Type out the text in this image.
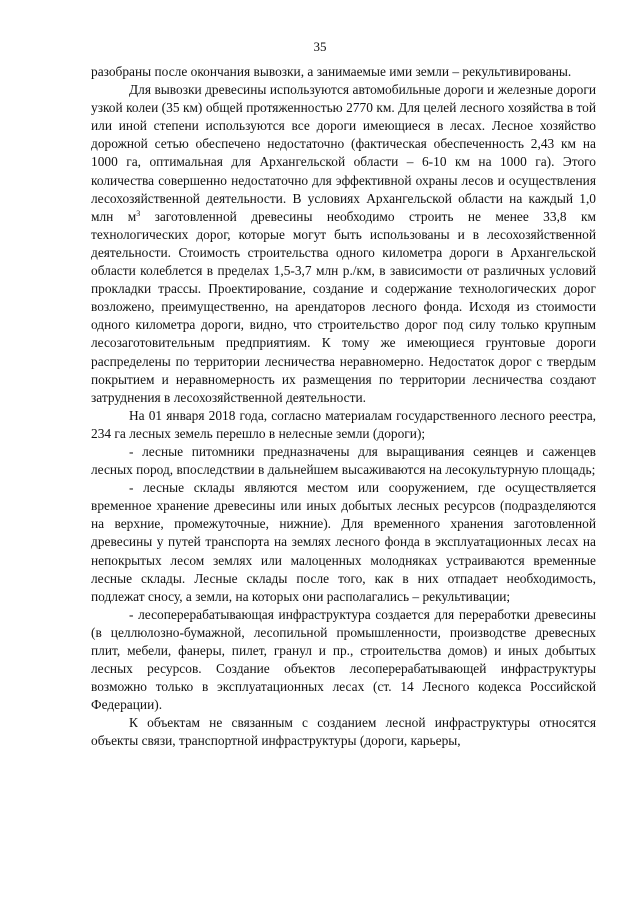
35

разобраны после окончания вывозки, а занимаемые ими земли – рекультивированы.

Для вывозки древесины используются автомобильные дороги и железные дороги узкой колеи (35 км) общей протяженностью 2770 км. Для целей лесного хозяйства в той или иной степени используются все дороги имеющиеся в лесах. Лесное хозяйство дорожной сетью обеспечено недостаточно (фактическая обеспеченность 2,43 км на 1000 га, оптимальная для Архангельской области – 6-10 км на 1000 га). Этого количества совершенно недостаточно для эффективной охраны лесов и осуществления лесохозяйственной деятельности. В условиях Архангельской области на каждый 1,0 млн $м^3$ заготовленной древесины необходимо строить не менее 33,8 км технологических дорог, которые могут быть использованы и в лесохозяйственной деятельности. Стоимость строительства одного километра дороги в Архангельской области колеблется в пределах 1,5-3,7 млн р./км, в зависимости от различных условий прокладки трассы. Проектирование, создание и содержание технологических дорог возложено, преимущественно, на арендаторов лесного фонда. Исходя из стоимости одного километра дороги, видно, что строительство дорог под силу только крупным лесозаготовительным предприятиям. К тому же имеющиеся грунтовые дороги распределены по территории лесничества неравномерно. Недостаток дорог с твердым покрытием и неравномерность их размещения по территории лесничества создают затруднения в лесохозяйственной деятельности.

На 01 января 2018 года, согласно материалам государственного лесного реестра, 234 га лесных земель перешло в нелесные земли (дороги);

- лесные питомники предназначены для выращивания сеянцев и саженцев лесных пород, впоследствии в дальнейшем высаживаются на лесокультурную площадь;

- лесные склады являются местом или сооружением, где осуществляется временное хранение древесины или иных добытых лесных ресурсов (подразделяются на верхние, промежуточные, нижние). Для временного хранения заготовленной древесины у путей транспорта на землях лесного фонда в эксплуатационных лесах на непокрытых лесом землях или малоценных молодняках устраиваются временные лесные склады. Лесные склады после того, как в них отпадает необходимость, подлежат сносу, а земли, на которых они располагались – рекультивации;

- лесоперерабатывающая инфраструктура создается для переработки древесины (в целлюлозно-бумажной, лесопильной промышленности, производстве древесных плит, мебели, фанеры, пилет, гранул и пр., строительства домов) и иных добытых лесных ресурсов. Создание объектов лесоперерабатывающей инфраструктуры возможно только в эксплуатационных лесах (ст. 14 Лесного кодекса Российской Федерации).

К объектам не связанным с созданием лесной инфраструктуры относятся объекты связи, транспортной инфраструктуры (дороги, карьеры,
